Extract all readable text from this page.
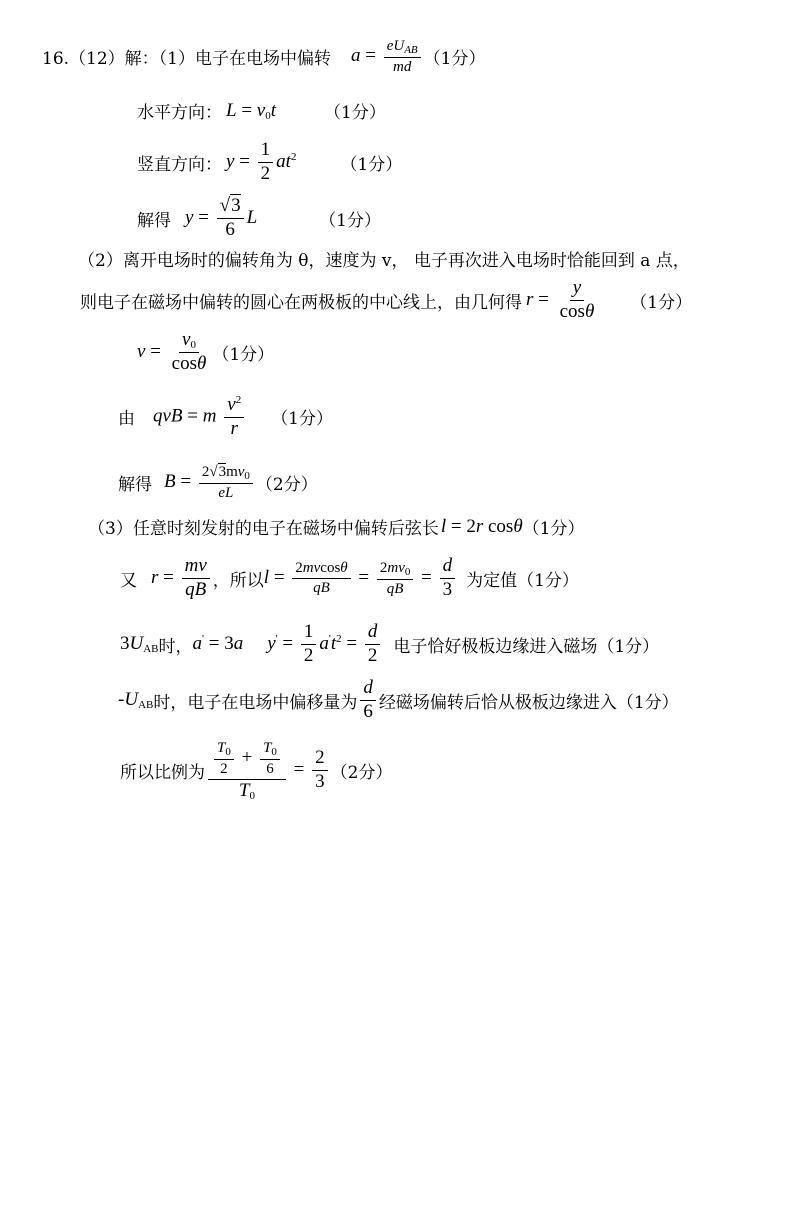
16.（12）解：（1）电子在电场中偏转 $a = \frac{eU_{AB}}{md} (1$分）
水平方向： $L = v_0t$	（1分）
竖直方向： $y = \frac{1}{2} at^2$	（1分）
解得 $y = \frac{√3}{6}$ L	（1分）
（2）离开电场时的偏转角为 θ，速度为 v， 电子再次进入电场时恰能回到 a 点，
则电子在磁场中偏转的圆心在两极板的中心线上，由几何得 $r = \frac{y}{\cos\theta} (1$分）
$v = \frac{v_0}{\cos\theta} (1$分）
由 qvB = m $\frac{v^2}{r} (1$分）
解得 $B = \frac{2√3mv_0}{eL} (2$分）
（3）任意时刻发射的电子在磁场中偏转后弦长 l = 2r cosθ （1分）
又 $r = \frac{mv}{qB}$ ，所以 $l = \frac{2mvcos\theta}{qB} = \frac{2mv_0}{qB} = \frac{d}{3}$ 为定值（1分）
3 $U_{AB}$ 时， a' = 3a $y' = \frac{1}{2} a't^2 = \frac{d}{2}$ 电子恰好极板边缘进入磁场（1分）
- $U_{AB}$ 时，电子在电场中偏移量为 $\frac{d}{6}$ 经磁场偏转后恰从极板边缘进入（1分）
所以比例为 $\frac{\frac{T_0}{2} + \frac{T_0}{6}}{T_0} = \frac{2}{3} (2$分）
